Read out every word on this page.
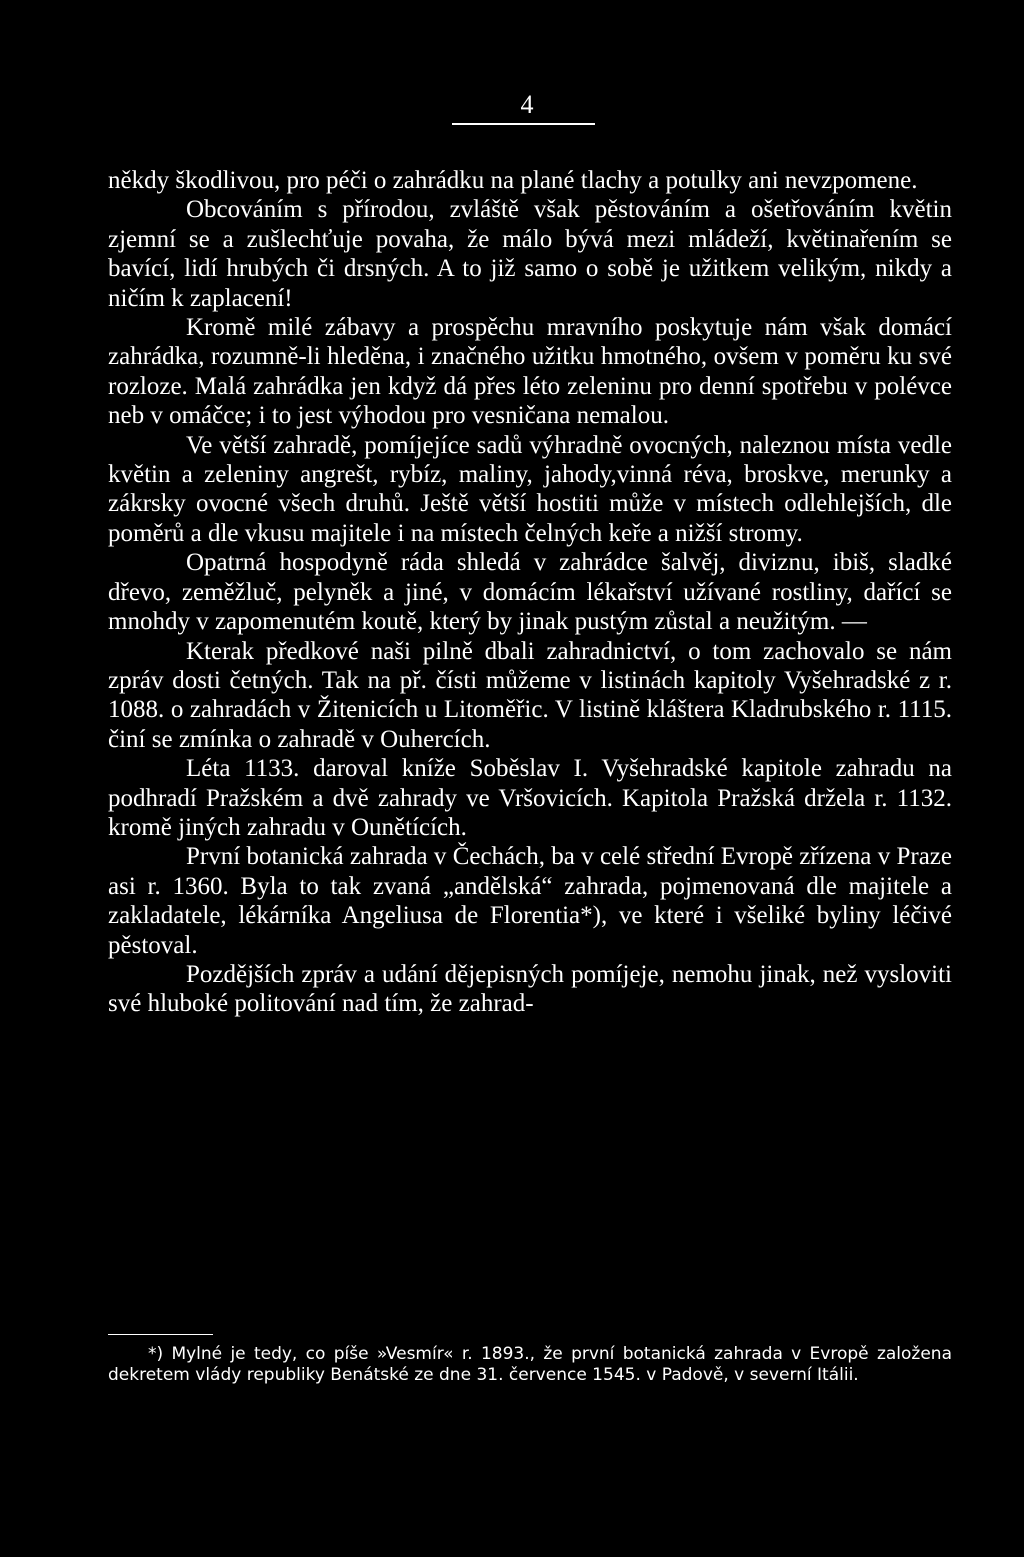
4

někdy škodlivou, pro péči o zahrádku na plané tlachy a potulky ani nevzpomene.

Obcováním s přírodou, zvláště však pěstováním a ošetřováním květin zjemní se a zušlechťuje povaha, že málo bývá mezi mládeží, květinařením se bavící, lidí hrubých či drsných. A to již samo o sobě je užitkem velikým, nikdy a ničím k zaplacení!

Kromě milé zábavy a prospěchu mravního poskytuje nám však domácí zahrádka, rozumně-li hleděna, i značného užitku hmotného, ovšem v poměru ku své rozloze. Malá zahrádka jen když dá přes léto zeleninu pro denní spotřebu v polévce neb v omáčce; i to jest výhodou pro vesničana nemalou.

Ve větší zahradě, pomíjejíce sadů výhradně ovocných, naleznou místa vedle květin a zeleniny angrešt, rybíz, maliny, jahody,vinná réva, broskve, merunky a zákrsky ovocné všech druhů. Ještě větší hostiti může v místech odlehlejších, dle poměrů a dle vkusu majitele i na místech čelných keře a nižší stromy.

Opatrná hospodyně ráda shledá v zahrádce šalvěj, diviznu, ibiš, sladké dřevo, zeměžluč, pelyněk a jiné, v domácím lékařství užívané rostliny, dařící se mnohdy v zapomenutém koutě, který by jinak pustým zůstal a neužitým. —

Kterak předkové naši pilně dbali zahradnictví, o tom zachovalo se nám zpráv dosti četných. Tak na př. čísti můžeme v listinách kapitoly Vyšehradské z r. 1088. o zahradách v Žitenicích u Litoměřic. V listině kláštera Kladrubského r. 1115. činí se zmínka o zahradě v Ouhercích.

Léta 1133. daroval kníže Soběslav I. Vyšehradské kapitole zahradu na podhradí Pražském a dvě zahrady ve Vršovicích. Kapitola Pražská držela r. 1132. kromě jiných zahradu v Ounětících.

První botanická zahrada v Čechách, ba v celé střední Evropě zřízena v Praze asi r. 1360. Byla to tak zvaná „andělská“ zahrada, pojmenovaná dle majitele a zakladatele, lékárníka Angeliusa de Florentia*), ve které i všeliké byliny léčivé pěstoval.

Pozdějších zpráv a udání dějepisných pomíjeje, nemohu jinak, než vysloviti své hluboké politování nad tím, že zahrad-

*) Mylné je tedy, co píše »Vesmír« r. 1893., že první botanická zahrada v Evropě založena dekretem vlády republiky Benátské ze dne 31. července 1545. v Padově, v severní Itálii.
